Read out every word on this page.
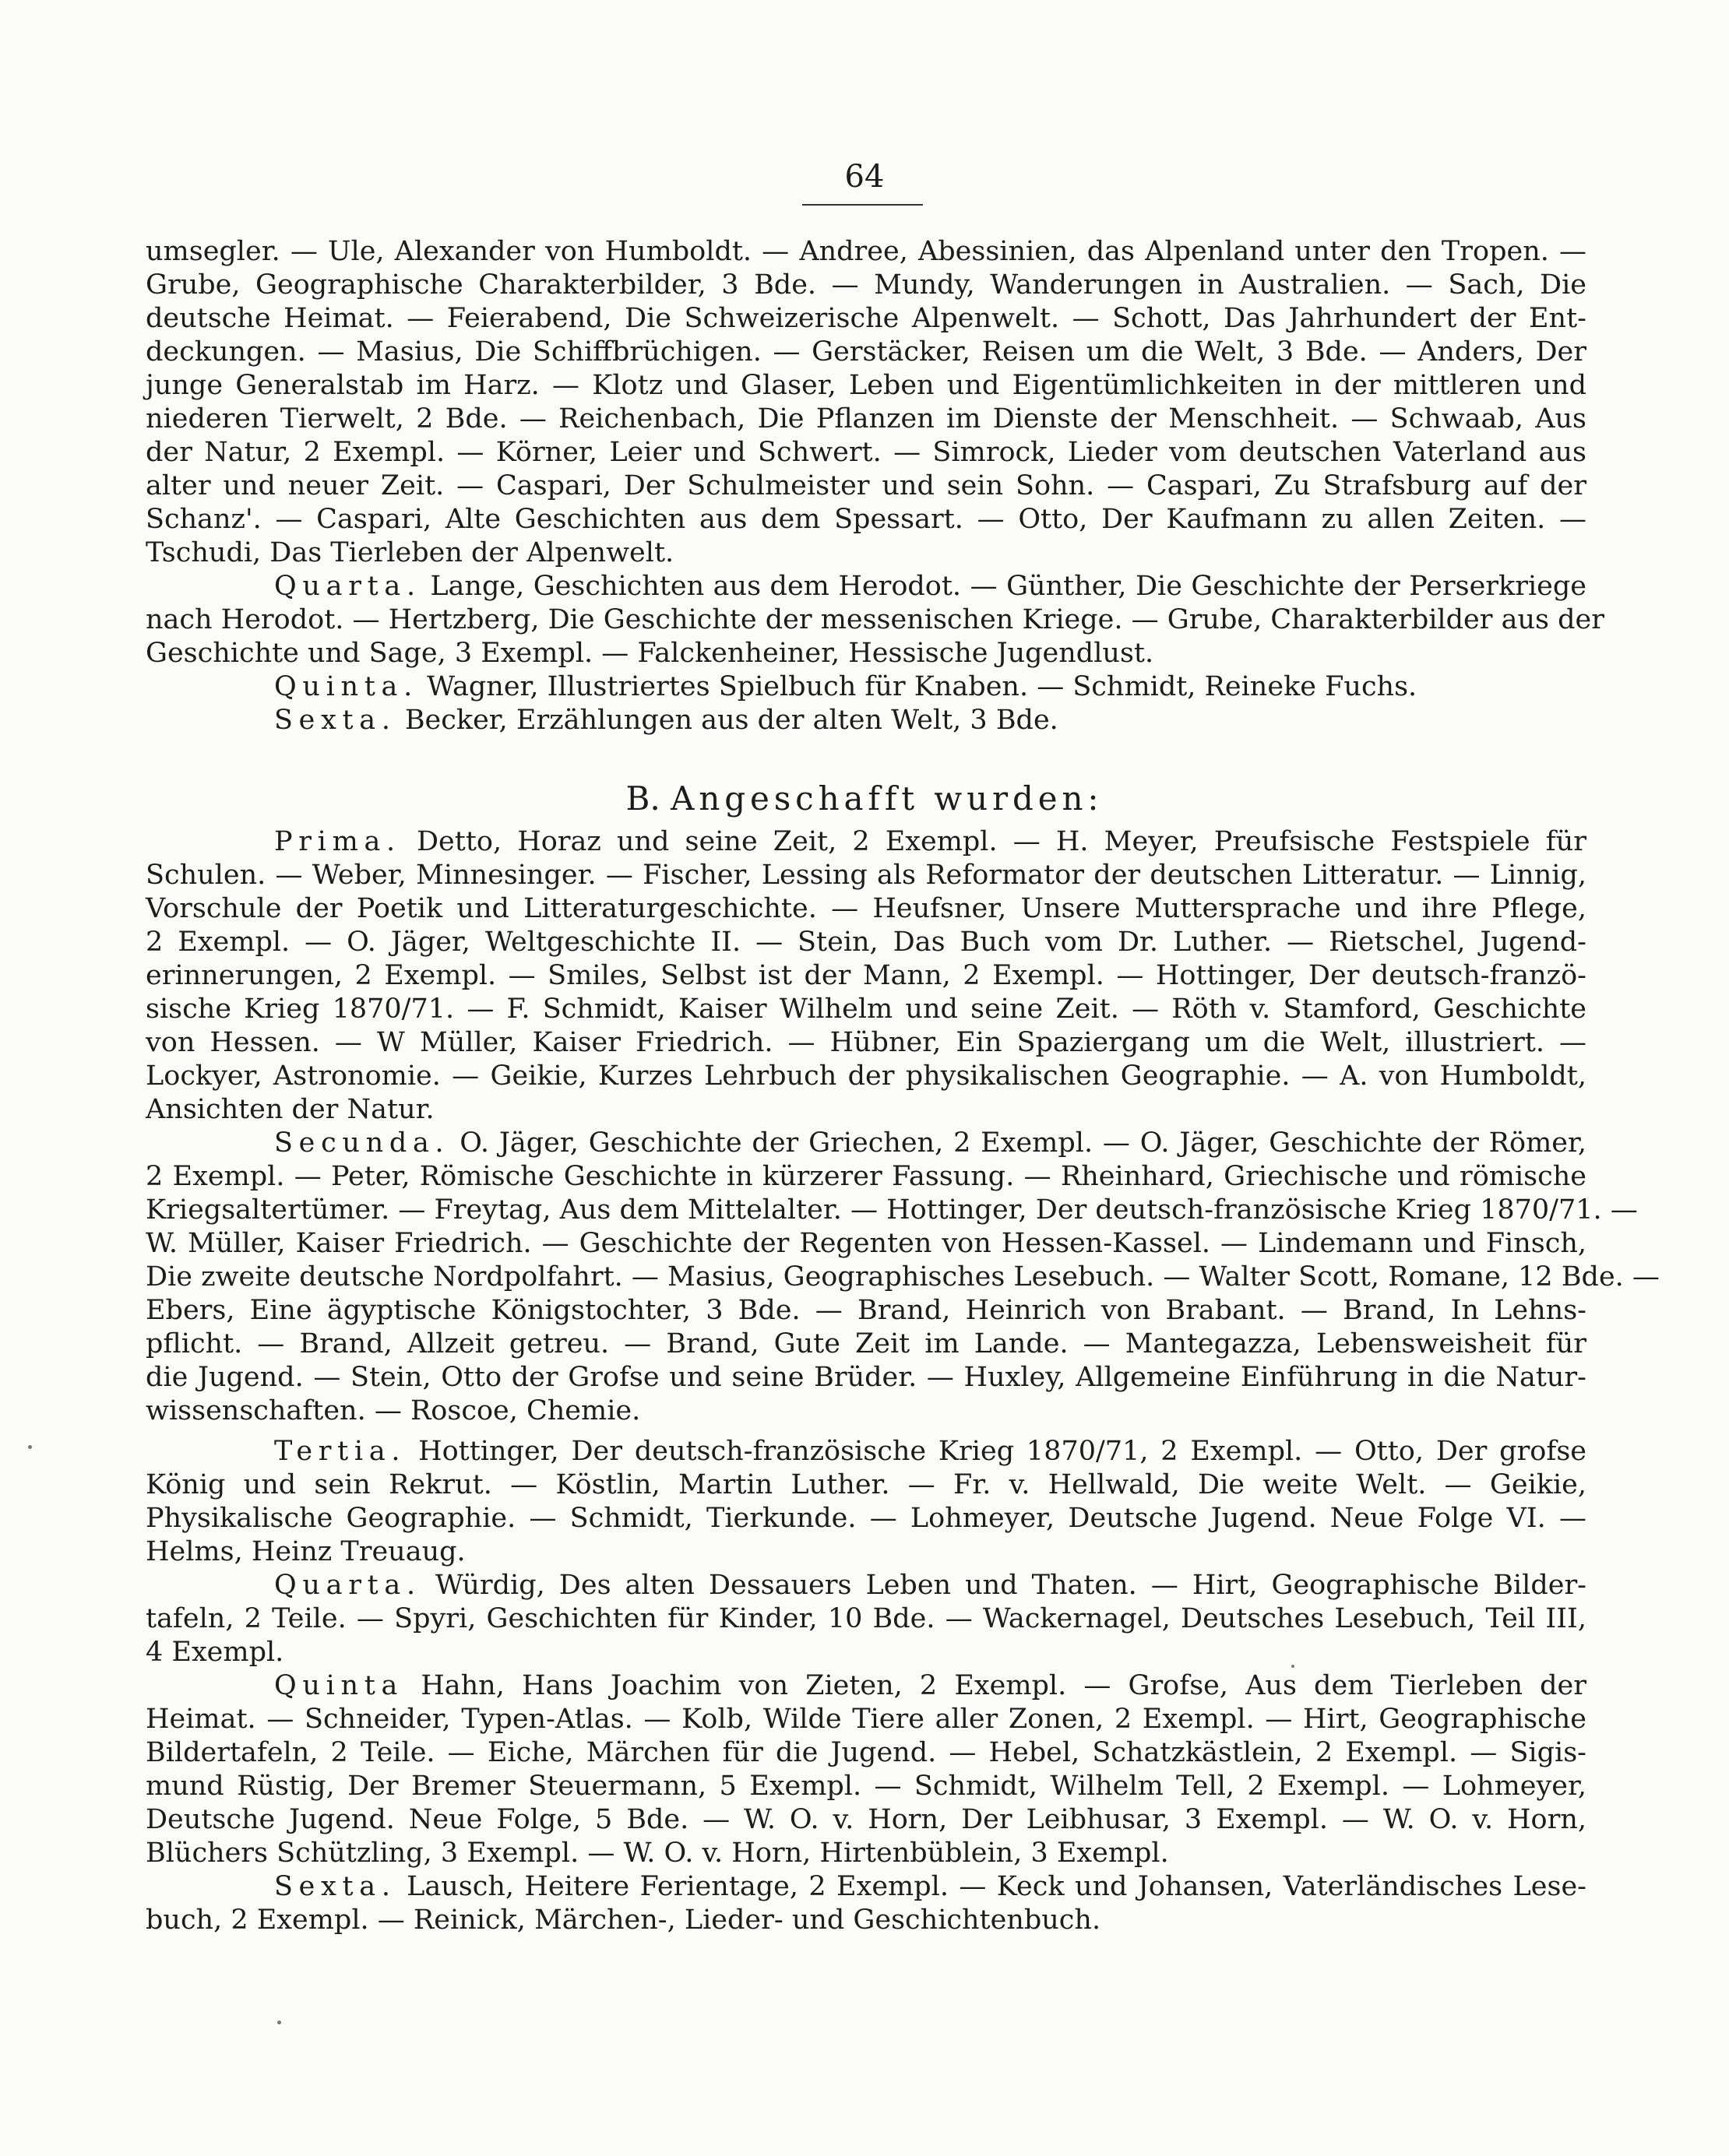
64
umsegler. — Ule, Alexander von Humboldt. — Andree, Abessinien, das Alpenland unter den Tropen. —
Grube, Geographische Charakterbilder, 3 Bde. — Mundy, Wanderungen in Australien. — Sach, Die
deutsche Heimat. — Feierabend, Die Schweizerische Alpenwelt. — Schott, Das Jahrhundert der Ent-
deckungen. — Masius, Die Schiffbrüchigen. — Gerstäcker, Reisen um die Welt, 3 Bde. — Anders, Der
junge Generalstab im Harz. — Klotz und Glaser, Leben und Eigentümlichkeiten in der mittleren und
niederen Tierwelt, 2 Bde. — Reichenbach, Die Pflanzen im Dienste der Menschheit. — Schwaab, Aus
der Natur, 2 Exempl. — Körner, Leier und Schwert. — Simrock, Lieder vom deutschen Vaterland aus
alter und neuer Zeit. — Caspari, Der Schulmeister und sein Sohn. — Caspari, Zu Strafsburg auf der
Schanz'. — Caspari, Alte Geschichten aus dem Spessart. — Otto, Der Kaufmann zu allen Zeiten. —
Tschudi, Das Tierleben der Alpenwelt.
Quarta. Lange, Geschichten aus dem Herodot. — Günther, Die Geschichte der Perserkriege
nach Herodot. — Hertzberg, Die Geschichte der messenischen Kriege. — Grube, Charakterbilder aus der
Geschichte und Sage, 3 Exempl. — Falckenheiner, Hessische Jugendlust.
Quinta. Wagner, Illustriertes Spielbuch für Knaben. — Schmidt, Reineke Fuchs.
Sexta. Becker, Erzählungen aus der alten Welt, 3 Bde.
B. Angeschafft wurden:
Prima. Detto, Horaz und seine Zeit, 2 Exempl. — H. Meyer, Preufsische Festspiele für
Schulen. — Weber, Minnesinger. — Fischer, Lessing als Reformator der deutschen Litteratur. — Linnig,
Vorschule der Poetik und Litteraturgeschichte. — Heufsner, Unsere Muttersprache und ihre Pflege,
2 Exempl. — O. Jäger, Weltgeschichte II. — Stein, Das Buch vom Dr. Luther. — Rietschel, Jugend-
erinnerungen, 2 Exempl. — Smiles, Selbst ist der Mann, 2 Exempl. — Hottinger, Der deutsch-franzö-
sische Krieg 1870/71. — F. Schmidt, Kaiser Wilhelm und seine Zeit. — Röth v. Stamford, Geschichte
von Hessen. — W Müller, Kaiser Friedrich. — Hübner, Ein Spaziergang um die Welt, illustriert. —
Lockyer, Astronomie. — Geikie, Kurzes Lehrbuch der physikalischen Geographie. — A. von Humboldt,
Ansichten der Natur.
Secunda. O. Jäger, Geschichte der Griechen, 2 Exempl. — O. Jäger, Geschichte der Römer,
2 Exempl. — Peter, Römische Geschichte in kürzerer Fassung. — Rheinhard, Griechische und römische
Kriegsaltertümer. — Freytag, Aus dem Mittelalter. — Hottinger, Der deutsch-französische Krieg 1870/71. —
W. Müller, Kaiser Friedrich. — Geschichte der Regenten von Hessen-Kassel. — Lindemann und Finsch,
Die zweite deutsche Nordpolfahrt. — Masius, Geographisches Lesebuch. — Walter Scott, Romane, 12 Bde. —
Ebers, Eine ägyptische Königstochter, 3 Bde. — Brand, Heinrich von Brabant. — Brand, In Lehns-
pflicht. — Brand, Allzeit getreu. — Brand, Gute Zeit im Lande. — Mantegazza, Lebensweisheit für
die Jugend. — Stein, Otto der Grofse und seine Brüder. — Huxley, Allgemeine Einführung in die Natur-
wissenschaften. — Roscoe, Chemie.
Tertia. Hottinger, Der deutsch-französische Krieg 1870/71, 2 Exempl. — Otto, Der grofse
König und sein Rekrut. — Köstlin, Martin Luther. — Fr. v. Hellwald, Die weite Welt. — Geikie,
Physikalische Geographie. — Schmidt, Tierkunde. — Lohmeyer, Deutsche Jugend. Neue Folge VI. —
Helms, Heinz Treuaug.
Quarta. Würdig, Des alten Dessauers Leben und Thaten. — Hirt, Geographische Bilder-
tafeln, 2 Teile. — Spyri, Geschichten für Kinder, 10 Bde. — Wackernagel, Deutsches Lesebuch, Teil III,
4 Exempl.
Quinta Hahn, Hans Joachim von Zieten, 2 Exempl. — Grofse, Aus dem Tierleben der
Heimat. — Schneider, Typen-Atlas. — Kolb, Wilde Tiere aller Zonen, 2 Exempl. — Hirt, Geographische
Bildertafeln, 2 Teile. — Eiche, Märchen für die Jugend. — Hebel, Schatzkästlein, 2 Exempl. — Sigis-
mund Rüstig, Der Bremer Steuermann, 5 Exempl. — Schmidt, Wilhelm Tell, 2 Exempl. — Lohmeyer,
Deutsche Jugend. Neue Folge, 5 Bde. — W. O. v. Horn, Der Leibhusar, 3 Exempl. — W. O. v. Horn,
Blüchers Schützling, 3 Exempl. — W. O. v. Horn, Hirtenbüblein, 3 Exempl.
Sexta. Lausch, Heitere Ferientage, 2 Exempl. — Keck und Johansen, Vaterländisches Lese-
buch, 2 Exempl. — Reinick, Märchen-, Lieder- und Geschichtenbuch.
